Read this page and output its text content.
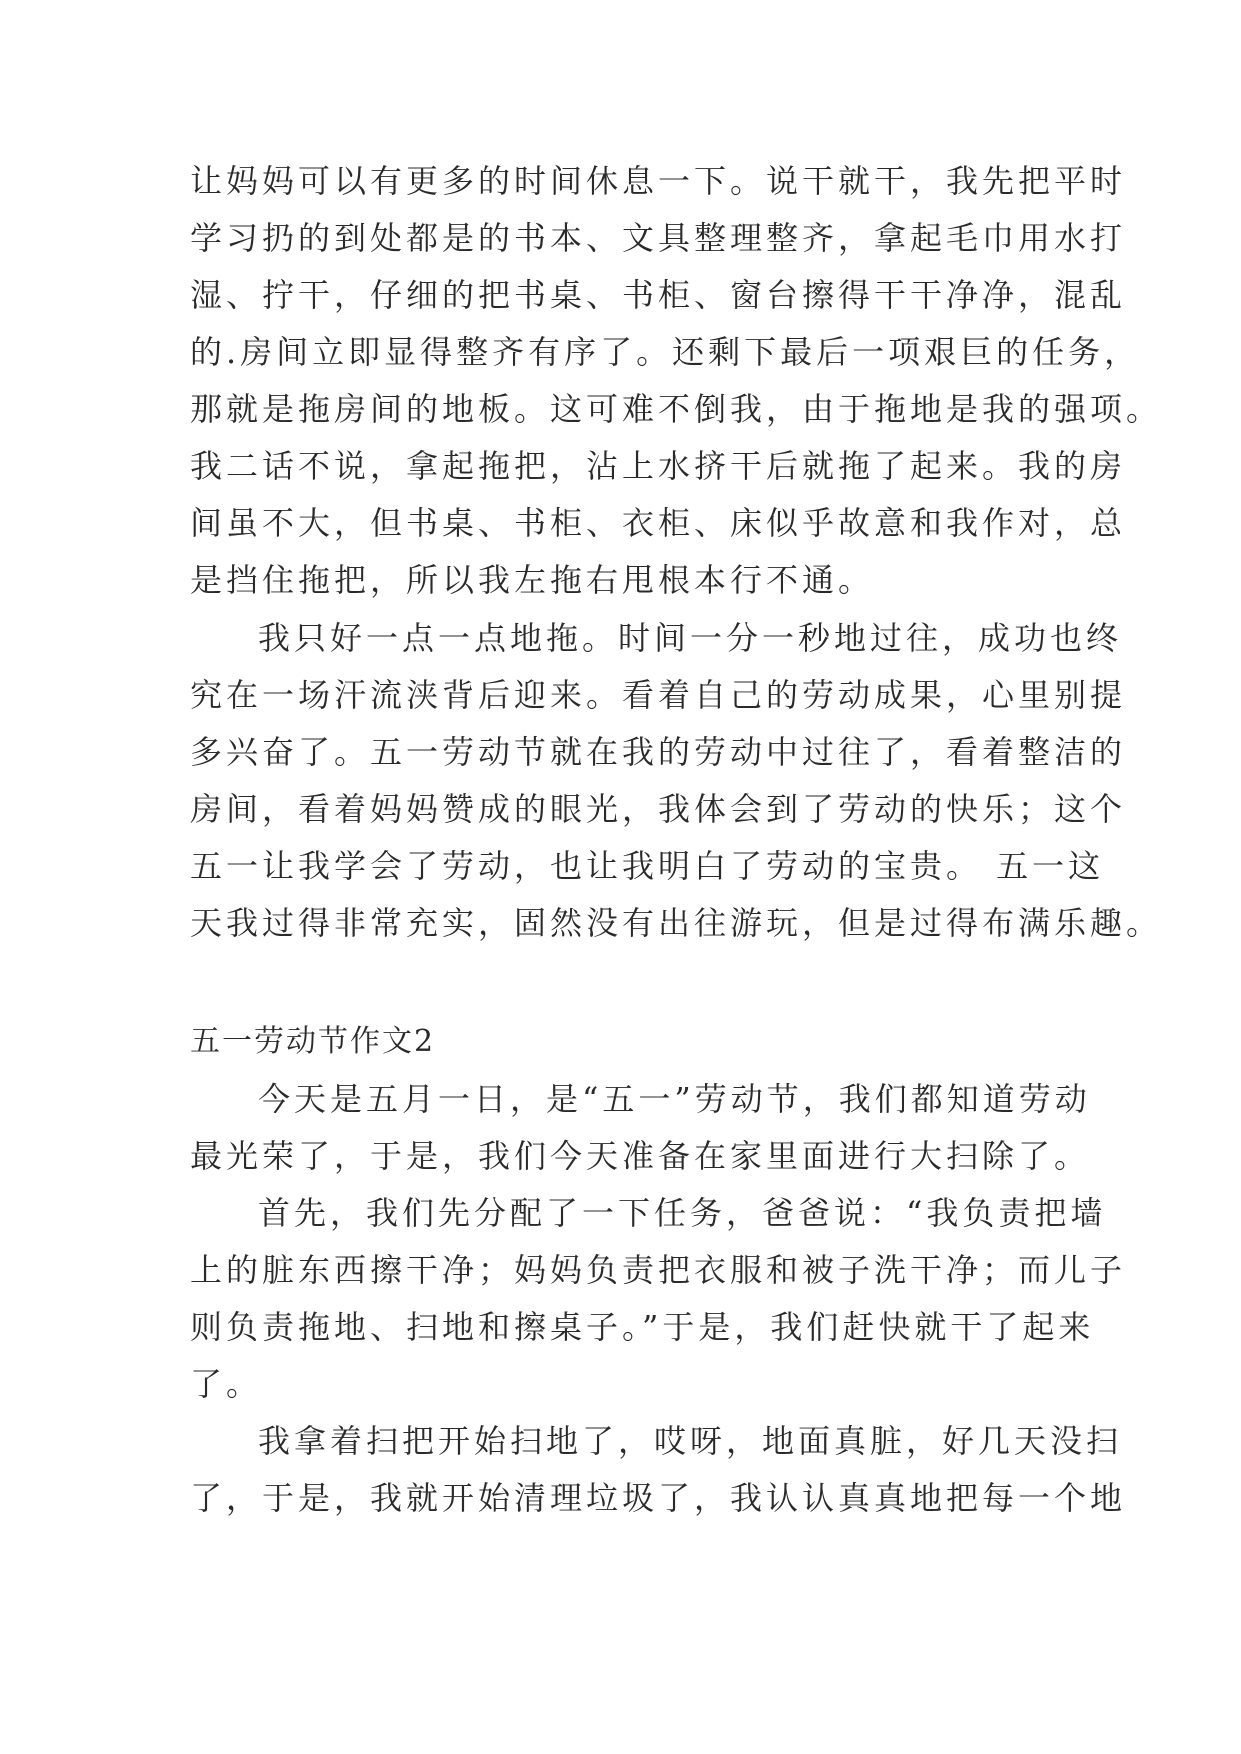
让妈妈可以有更多的时间休息一下。说干就干，我先把平时
学习扔的到处都是的书本、文具整理整齐，拿起毛巾用水打
湿、拧干，仔细的把书桌、书柜、窗台擦得干干净净，混乱
的.房间立即显得整齐有序了。还剩下最后一项艰巨的任务，
那就是拖房间的地板。这可难不倒我，由于拖地是我的强项。
我二话不说，拿起拖把，沾上水挤干后就拖了起来。我的房
间虽不大，但书桌、书柜、衣柜、床似乎故意和我作对，总
是挡住拖把，所以我左拖右甩根本行不通。
我只好一点一点地拖。时间一分一秒地过往，成功也终
究在一场汗流浃背后迎来。看着自己的劳动成果，心里别提
多兴奋了。五一劳动节就在我的劳动中过往了，看着整洁的
房间，看着妈妈赞成的眼光，我体会到了劳动的快乐；这个
五一让我学会了劳动，也让我明白了劳动的宝贵。 五一这
天我过得非常充实，固然没有出往游玩，但是过得布满乐趣。
五一劳动节作文2
今天是五月一日，是“五一”劳动节，我们都知道劳动
最光荣了，于是，我们今天准备在家里面进行大扫除了。
首先，我们先分配了一下任务，爸爸说：“我负责把墙
上的脏东西擦干净；妈妈负责把衣服和被子洗干净；而儿子
则负责拖地、扫地和擦桌子。”于是，我们赶快就干了起来
了。
我拿着扫把开始扫地了，哎呀，地面真脏，好几天没扫
了，于是，我就开始清理垃圾了，我认认真真地把每一个地
